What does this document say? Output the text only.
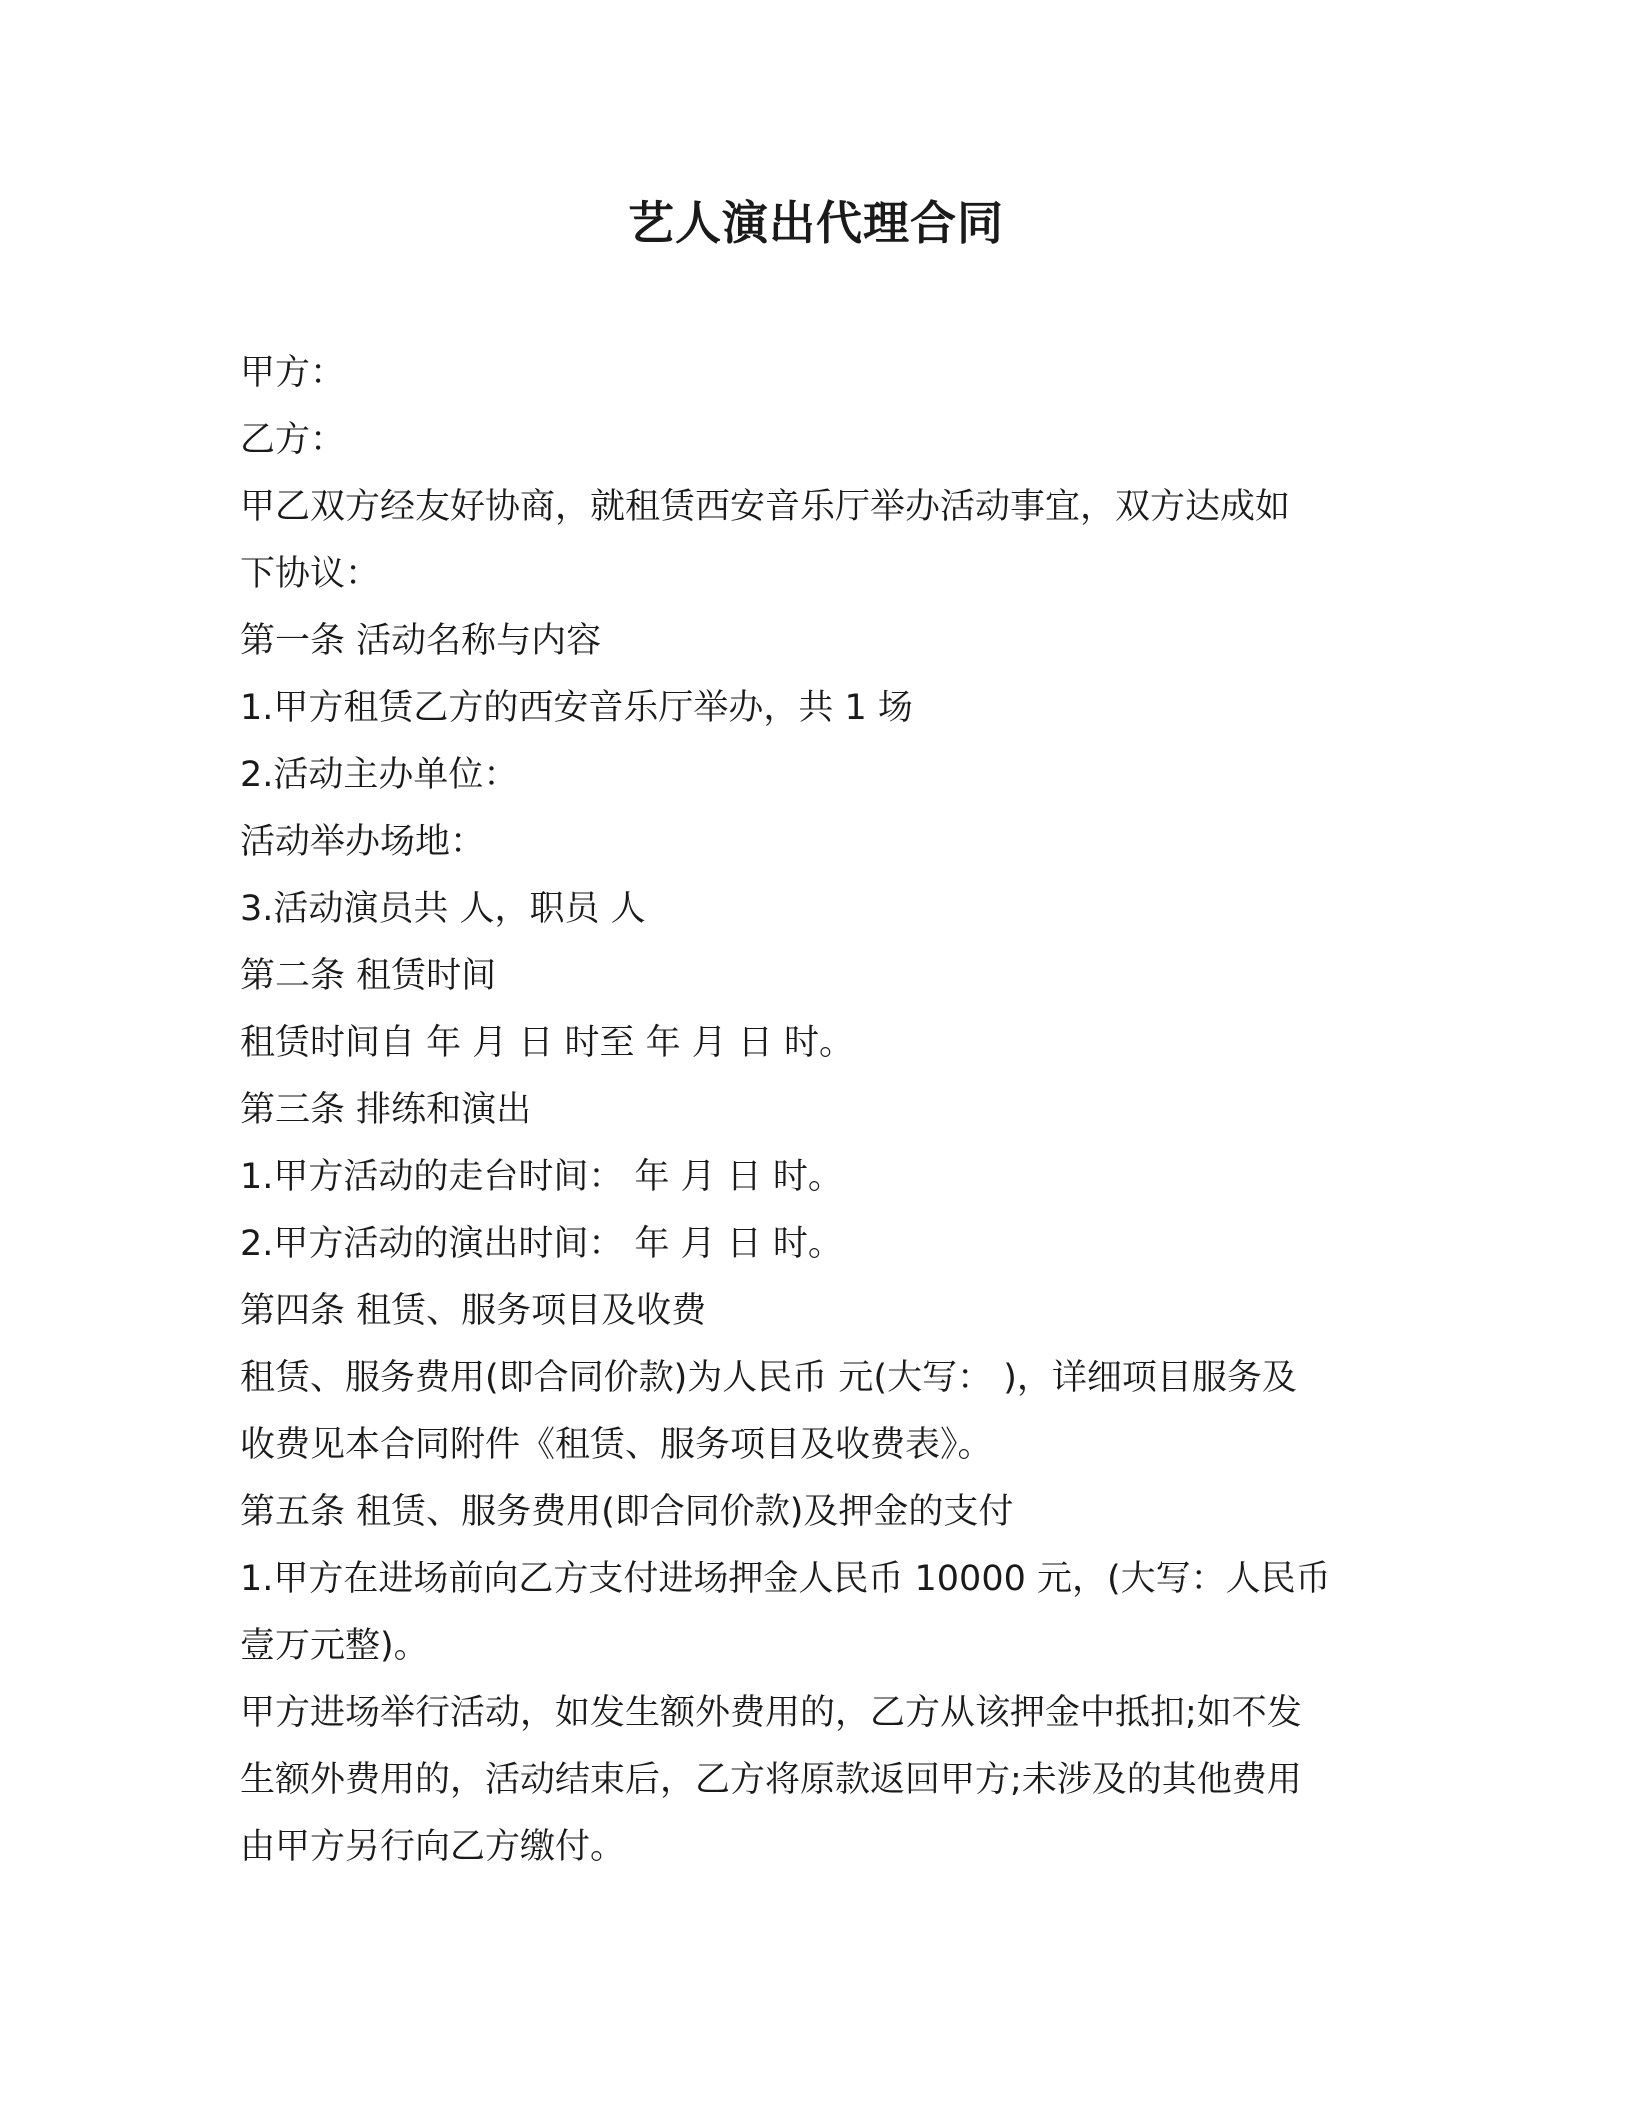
艺人演出代理合同
甲方：
乙方：
甲乙双方经友好协商，就租赁西安音乐厅举办活动事宜，双方达成如
下协议：
第一条 活动名称与内容
1.甲方租赁乙方的西安音乐厅举办，共 1 场
2.活动主办单位：
活动举办场地：
3.活动演员共 人，职员 人
第二条 租赁时间
租赁时间自 年 月 日 时至 年 月 日 时。
第三条 排练和演出
1.甲方活动的走台时间： 年 月 日 时。
2.甲方活动的演出时间： 年 月 日 时。
第四条 租赁、服务项目及收费
租赁、服务费用(即合同价款)为人民币 元(大写： )，详细项目服务及
收费见本合同附件《租赁、服务项目及收费表》。
第五条 租赁、服务费用(即合同价款)及押金的支付
1.甲方在进场前向乙方支付进场押金人民币 10000 元，(大写：人民币
壹万元整)。
甲方进场举行活动，如发生额外费用的，乙方从该押金中抵扣;如不发
生额外费用的，活动结束后，乙方将原款返回甲方;未涉及的其他费用
由甲方另行向乙方缴付。
